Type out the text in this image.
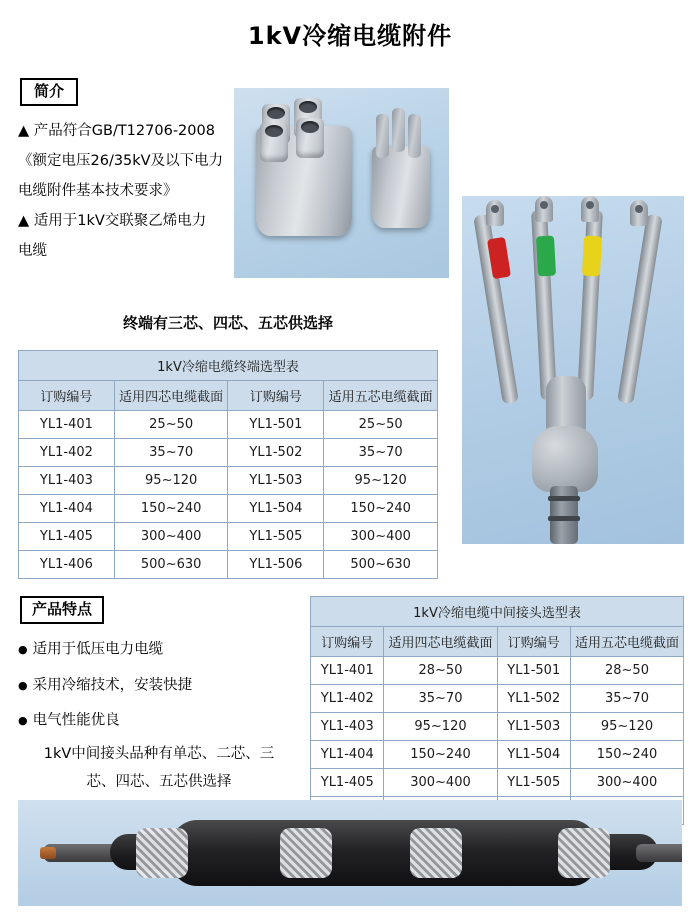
1kV冷缩电缆附件
简介

▲ 产品符合GB/T12706-2008

《额定电压26/35kV及以下电力

电缆附件基本技术要求》

▲ 适用于1kV交联聚乙烯电力

电缆

终端有三芯、四芯、五芯供选择
1kV冷缩电缆终端选型表			
订购编号	适用四芯电缆截面	订购编号	适用五芯电缆截面
YL1-401	25~50	YL1-501	25~50
YL1-402	35~70	YL1-502	35~70
YL1-403	95~120	YL1-503	95~120
YL1-404	150~240	YL1-504	150~240
YL1-405	300~400	YL1-505	300~400
YL1-406	500~630	YL1-506	500~630
产品特点
● 适用于低压电力电缆
● 采用冷缩技术，安装快捷
● 电气性能优良
1kV中间接头品种有单芯、二芯、三芯、四芯、五芯供选择
1kV冷缩电缆中间接头选型表			
订购编号	适用四芯电缆截面	订购编号	适用五芯电缆截面
YL1-401	28~50	YL1-501	28~50
YL1-402	35~70	YL1-502	35~70
YL1-403	95~120	YL1-503	95~120
YL1-404	150~240	YL1-504	150~240
YL1-405	300~400	YL1-505	300~400
